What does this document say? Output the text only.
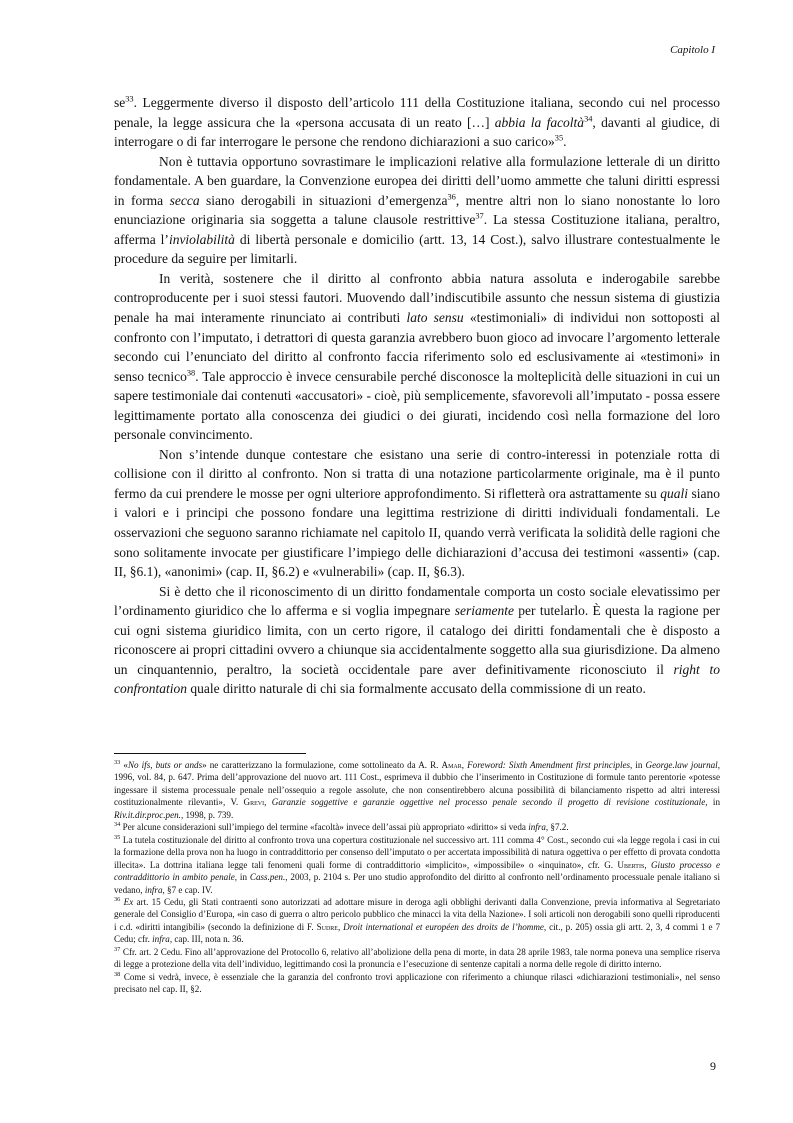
Capitolo I

$se^{33}$. Leggermente diverso il disposto dell’articolo 111 della Costituzione italiana, secondo cui nel processo penale, la legge assicura che la «persona accusata di un reato […] abbia la facoltà$^{34}$, davanti al giudice, di interrogare o di far interrogare le persone che rendono dichiarazioni a suo carico»$^{35}$.

Non è tuttavia opportuno sovrastimare le implicazioni relative alla formulazione letterale di un diritto fondamentale. A ben guardare, la Convenzione europea dei diritti dell’uomo ammette che taluni diritti espressi in forma secca siano derogabili in situazioni d’emergenza$^{36}$, mentre altri non lo siano nonostante lo loro enunciazione originaria sia soggetta a talune clausole restrittive$^{37}$. La stessa Costituzione italiana, peraltro, afferma l’inviolabilità di libertà personale e domicilio (artt. 13, 14 Cost.), salvo illustrare contestualmente le procedure da seguire per limitarli.

In verità, sostenere che il diritto al confronto abbia natura assoluta e inderogabile sarebbe controproducente per i suoi stessi fautori. Muovendo dall’indiscutibile assunto che nessun sistema di giustizia penale ha mai interamente rinunciato ai contributi lato sensu «testimoniali» di individui non sottoposti al confronto con l’imputato, i detrattori di questa garanzia avrebbero buon gioco ad invocare l’argomento letterale secondo cui l’enunciato del diritto al confronto faccia riferimento solo ed esclusivamente ai «testimoni» in senso tecnico$^{38}$. Tale approccio è invece censurabile perché disconosce la molteplicità delle situazioni in cui un sapere testimoniale dai contenuti «accusatori» - cioè, più semplicemente, sfavorevoli all’imputato - possa essere legittimamente portato alla conoscenza dei giudici o dei giurati, incidendo così nella formazione del loro personale convincimento.

Non s’intende dunque contestare che esistano una serie di contro-interessi in potenziale rotta di collisione con il diritto al confronto. Non si tratta di una notazione particolarmente originale, ma è il punto fermo da cui prendere le mosse per ogni ulteriore approfondimento. Si rifletterà ora astrattamente su quali siano i valori e i principi che possono fondare una legittima restrizione di diritti individuali fondamentali. Le osservazioni che seguono saranno richiamate nel capitolo II, quando verrà verificata la solidità delle ragioni che sono solitamente invocate per giustificare l’impiego delle dichiarazioni d’accusa dei testimoni «assenti» (cap. II, §6.1), «anonimi» (cap. II, §6.2) e «vulnerabili» (cap. II, §6.3).

Si è detto che il riconoscimento di un diritto fondamentale comporta un costo sociale elevatissimo per l’ordinamento giuridico che lo afferma e si voglia impegnare seriamente per tutelarlo. È questa la ragione per cui ogni sistema giuridico limita, con un certo rigore, il catalogo dei diritti fondamentali che è disposto a riconoscere ai propri cittadini ovvero a chiunque sia accidentalmente soggetto alla sua giurisdizione. Da almeno un cinquantennio, peraltro, la società occidentale pare aver definitivamente riconosciuto il right to confrontation quale diritto naturale di chi sia formalmente accusato della commissione di un reato.

$^{33}$ «No ifs, buts or ands» ne caratterizzano la formulazione, come sottolineato da A. R. Amar, Foreword: Sixth Amendment first principles, in George.law journal, 1996, vol. 84, p. 647. Prima dell’approvazione del nuovo art. 111 Cost., esprimeva il dubbio che l’inserimento in Costituzione di formule tanto perentorie «potesse ingessare il sistema processuale penale nell’ossequio a regole assolute, che non consentirebbero alcuna possibilità di bilanciamento rispetto ad altri interessi costituzionalmente rilevanti», V. Grevi, Garanzie soggettive e garanzie oggettive nel processo penale secondo il progetto di revisione costituzionale, in Riv.it.dir.proc.pen., 1998, p. 739.

$^{34}$ Per alcune considerazioni sull’impiego del termine «facoltà» invece dell’assai più appropriato «diritto» si veda infra, §7.2.

$^{35}$ La tutela costituzionale del diritto al confronto trova una copertura costituzionale nel successivo art. 111 comma 4° Cost., secondo cui «la legge regola i casi in cui la formazione della prova non ha luogo in contraddittorio per consenso dell’imputato o per accertata impossibilità di natura oggettiva o per effetto di provata condotta illecita». La dottrina italiana legge tali fenomeni quali forme di contraddittorio «implicito», «impossibile» o «inquinato», cfr. G. Ubertis, Giusto processo e contraddittorio in ambito penale, in Cass.pen., 2003, p. 2104 s. Per uno studio approfondito del diritto al confronto nell’ordinamento processuale penale italiano si vedano, infra, §7 e cap. IV.

$^{36}$ Ex art. 15 Cedu, gli Stati contraenti sono autorizzati ad adottare misure in deroga agli obblighi derivanti dalla Convenzione, previa informativa al Segretariato generale del Consiglio d’Europa, «in caso di guerra o altro pericolo pubblico che minacci la vita della Nazione». I soli articoli non derogabili sono quelli riproducenti i c.d. «diritti intangibili» (secondo la definizione di F. Sudre, Droit international et européen des droits de l’homme, cit., p. 205) ossia gli artt. 2, 3, 4 commi 1 e 7 Cedu; cfr. infra, cap. III, nota n. 36.

$^{37}$ Cfr. art. 2 Cedu. Fino all’approvazione del Protocollo 6, relativo all’abolizione della pena di morte, in data 28 aprile 1983, tale norma poneva una semplice riserva di legge a protezione della vita dell’individuo, legittimando così la pronuncia e l’esecuzione di sentenze capitali a norma delle regole di diritto interno.

$^{38}$ Come si vedrà, invece, è essenziale che la garanzia del confronto trovi applicazione con riferimento a chiunque rilasci «dichiarazioni testimoniali», nel senso precisato nel cap. II, §2.

9
